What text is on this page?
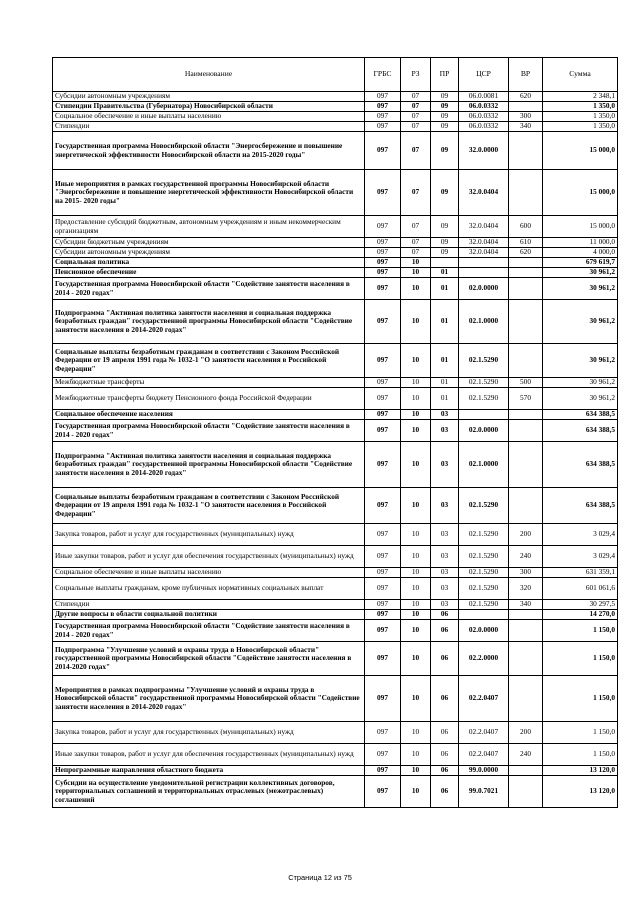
Наименование	ГРБС	РЗ	ПР	ЦСР	ВР	Сумма
Субсидии автономным учреждениям	097	07	09	06.0.0081	620	2 348,1
Стипендии Правительства (Губернатора) Новосибирской области	097	07	09	06.0.0332		1 350,0
Социальное обеспечение и иные выплаты населению	097	07	09	06.0.0332	300	1 350,0
Стипендии	097	07	09	06.0.0332	340	1 350,0
Государственная программа Новосибирской области "Энергосбережение и повышение энергетической эффективности Новосибирской области на 2015-2020 годы"	097	07	09	32.0.0000		15 000,0
Иные мероприятия в рамках государственной программы Новосибирской области "Энергосбережение и повышение энергетической эффективности Новосибирской области на 2015- 2020 годы"	097	07	09	32.0.0404		15 000,0
Предоставление субсидий бюджетным, автономным учреждениям и иным некоммерческим организациям	097	07	09	32.0.0404	600	15 000,0
Субсидии бюджетным учреждениям	097	07	09	32.0.0404	610	11 000,0
Субсидии автономным учреждениям	097	07	09	32.0.0404	620	4 000,0
Социальная политика	097	10				679 619,7
Пенсионное обеспечение	097	10	01			30 961,2
Государственная программа Новосибирской области "Содействие занятости населения в 2014 - 2020 годах"	097	10	01	02.0.0000		30 961,2
Подпрограмма "Активная политика занятости населения и социальная поддержка безработных граждан" государственной программы Новосибирской области "Содействие занятости населения в 2014-2020 годах"	097	10	01	02.1.0000		30 961,2
Социальные выплаты безработным гражданам в соответствии с Законом Российской Федерации от 19 апреля 1991 года № 1032-1 "О занятости населения в Российской Федерации"	097	10	01	02.1.5290		30 961,2
Межбюджетные трансферты	097	10	01	02.1.5290	500	30 961,2
Межбюджетные трансферты бюджету Пенсионного фонда Российской Федерации	097	10	01	02.1.5290	570	30 961,2
Социальное обеспечение населения	097	10	03			634 388,5
Государственная программа Новосибирской области "Содействие занятости населения в 2014 - 2020 годах"	097	10	03	02.0.0000		634 388,5
Подпрограмма "Активная политика занятости населения и социальная поддержка безработных граждан" государственной программы Новосибирской области "Содействие занятости населения в 2014-2020 годах"	097	10	03	02.1.0000		634 388,5
Социальные выплаты безработным гражданам в соответствии с Законом Российской Федерации от 19 апреля 1991 года № 1032-1 "О занятости населения в Российской Федерации"	097	10	03	02.1.5290		634 388,5
Закупка товаров, работ и услуг для государственных (муниципальных) нужд	097	10	03	02.1.5290	200	3 029,4
Иные закупки товаров, работ и услуг для обеспечения государственных (муниципальных) нужд	097	10	03	02.1.5290	240	3 029,4
Социальное обеспечение и иные выплаты населению	097	10	03	02.1.5290	300	631 359,1
Социальные выплаты гражданам, кроме публичных нормативных социальных выплат	097	10	03	02.1.5290	320	601 061,6
Стипендии	097	10	03	02.1.5290	340	30 297,5
Другие вопросы в области социальной политики	097	10	06			14 270,0
Государственная программа Новосибирской области "Содействие занятости населения в 2014 - 2020 годах"	097	10	06	02.0.0000		1 150,0
Подпрограмма "Улучшение условий и охраны труда в Новосибирской области" государственной программы Новосибирской области "Содействие занятости населения в 2014-2020 годах"	097	10	06	02.2.0000		1 150,0
Мероприятия в рамках подпрограммы "Улучшение условий и охраны труда в Новосибирской области" государственной программы Новосибирской области "Содействие занятости населения в 2014-2020 годах"	097	10	06	02.2.0407		1 150,0
Закупка товаров, работ и услуг для государственных (муниципальных) нужд	097	10	06	02.2.0407	200	1 150,0
Иные закупки товаров, работ и услуг для обеспечения государственных (муниципальных) нужд	097	10	06	02.2.0407	240	1 150,0
Непрограммные направления областного бюджета	097	10	06	99.0.0000		13 120,0
Субсидии на осуществление уведомительной регистрации коллективных договоров, территориальных соглашений и территориальных отраслевых (межотраслевых) соглашений	097	10	06	99.0.7021		13 120,0
Страница 12 из 75
